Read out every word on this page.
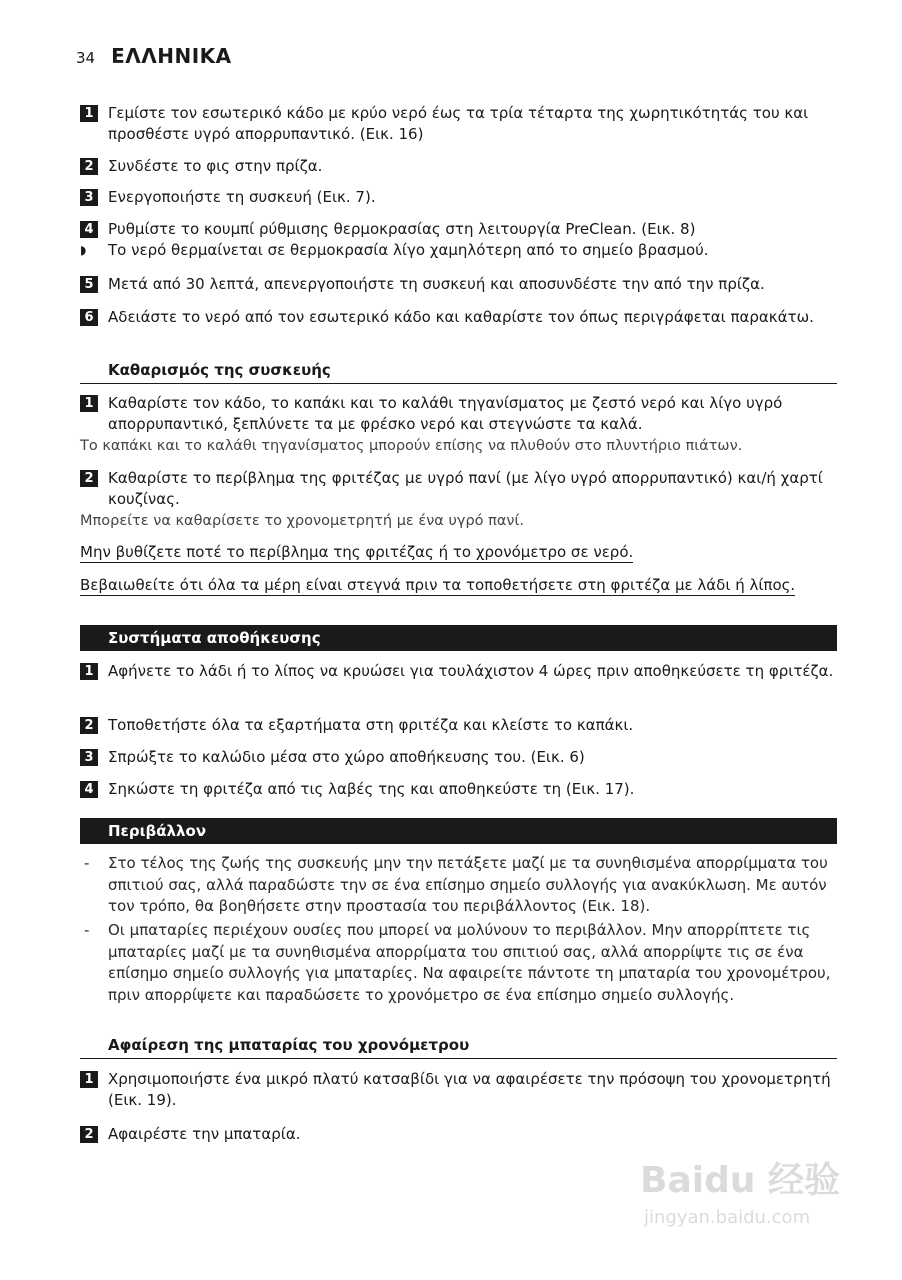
34 ΕΛΛΗΝΙΚΑ
1 Γεμίστε τον εσωτερικό κάδο με κρύο νερό έως τα τρία τέταρτα της χωρητικότητάς του και προσθέστε υγρό απορρυπαντικό. (Εικ. 16)
2 Συνδέστε το φις στην πρίζα.
3 Ενεργοποιήστε τη συσκευή (Εικ. 7).
4 Ρυθμίστε το κουμπί ρύθμισης θερμοκρασίας στη λειτουργία PreClean. (Εικ. 8)
◗ Το νερό θερμαίνεται σε θερμοκρασία λίγο χαμηλότερη από το σημείο βρασμού.
5 Μετά από 30 λεπτά, απενεργοποιήστε τη συσκευή και αποσυνδέστε την από την πρίζα.
6 Αδειάστε το νερό από τον εσωτερικό κάδο και καθαρίστε τον όπως περιγράφεται παρακάτω.
Καθαρισμός της συσκευής
1 Καθαρίστε τον κάδο, το καπάκι και το καλάθι τηγανίσματος με ζεστό νερό και λίγο υγρό απορρυπαντικό, ξεπλύνετε τα με φρέσκο νερό και στεγνώστε τα καλά.
Το καπάκι και το καλάθι τηγανίσματος μπορούν επίσης να πλυθούν στο πλυντήριο πιάτων.
2 Καθαρίστε το περίβλημα της φριτέζας με υγρό πανί (με λίγο υγρό απορρυπαντικό) και/ή χαρτί κουζίνας.
Μπορείτε να καθαρίσετε το χρονομετρητή με ένα υγρό πανί.
Μην βυθίζετε ποτέ το περίβλημα της φριτέζας ή το χρονόμετρο σε νερό.
Βεβαιωθείτε ότι όλα τα μέρη είναι στεγνά πριν τα τοποθετήσετε στη φριτέζα με λάδι ή λίπος.
Συστήματα αποθήκευσης
1 Αφήνετε το λάδι ή το λίπος να κρυώσει για τουλάχιστον 4 ώρες πριν αποθηκεύσετε τη φριτέζα.
2 Τοποθετήστε όλα τα εξαρτήματα στη φριτέζα και κλείστε το καπάκι.
3 Σπρώξτε το καλώδιο μέσα στο χώρο αποθήκευσης του. (Εικ. 6)
4 Σηκώστε τη φριτέζα από τις λαβές της και αποθηκεύστε τη (Εικ. 17).
Περιβάλλον
- Στο τέλος της ζωής της συσκευής μην την πετάξετε μαζί με τα συνηθισμένα απορρίμματα του σπιτιού σας, αλλά παραδώστε την σε ένα επίσημο σημείο συλλογής για ανακύκλωση. Με αυτόν τον τρόπο, θα βοηθήσετε στην προστασία του περιβάλλοντος (Εικ. 18).
- Οι μπαταρίες περιέχουν ουσίες που μπορεί να μολύνουν το περιβάλλον. Μην απορρίπτετε τις μπαταρίες μαζί με τα συνηθισμένα απορρίματα του σπιτιού σας, αλλά απορρίψτε τις σε ένα επίσημο σημείο συλλογής για μπαταρίες. Να αφαιρείτε πάντοτε τη μπαταρία του χρονομέτρου, πριν απορρίψετε και παραδώσετε το χρονόμετρο σε ένα επίσημο σημείο συλλογής.
Αφαίρεση της μπαταρίας του χρονόμετρου
1 Χρησιμοποιήστε ένα μικρό πλατύ κατσαβίδι για να αφαιρέσετε την πρόσοψη του χρονομετρητή (Εικ. 19).
2 Αφαιρέστε την μπαταρία.
Baidu 经验
jingyan.baidu.com
